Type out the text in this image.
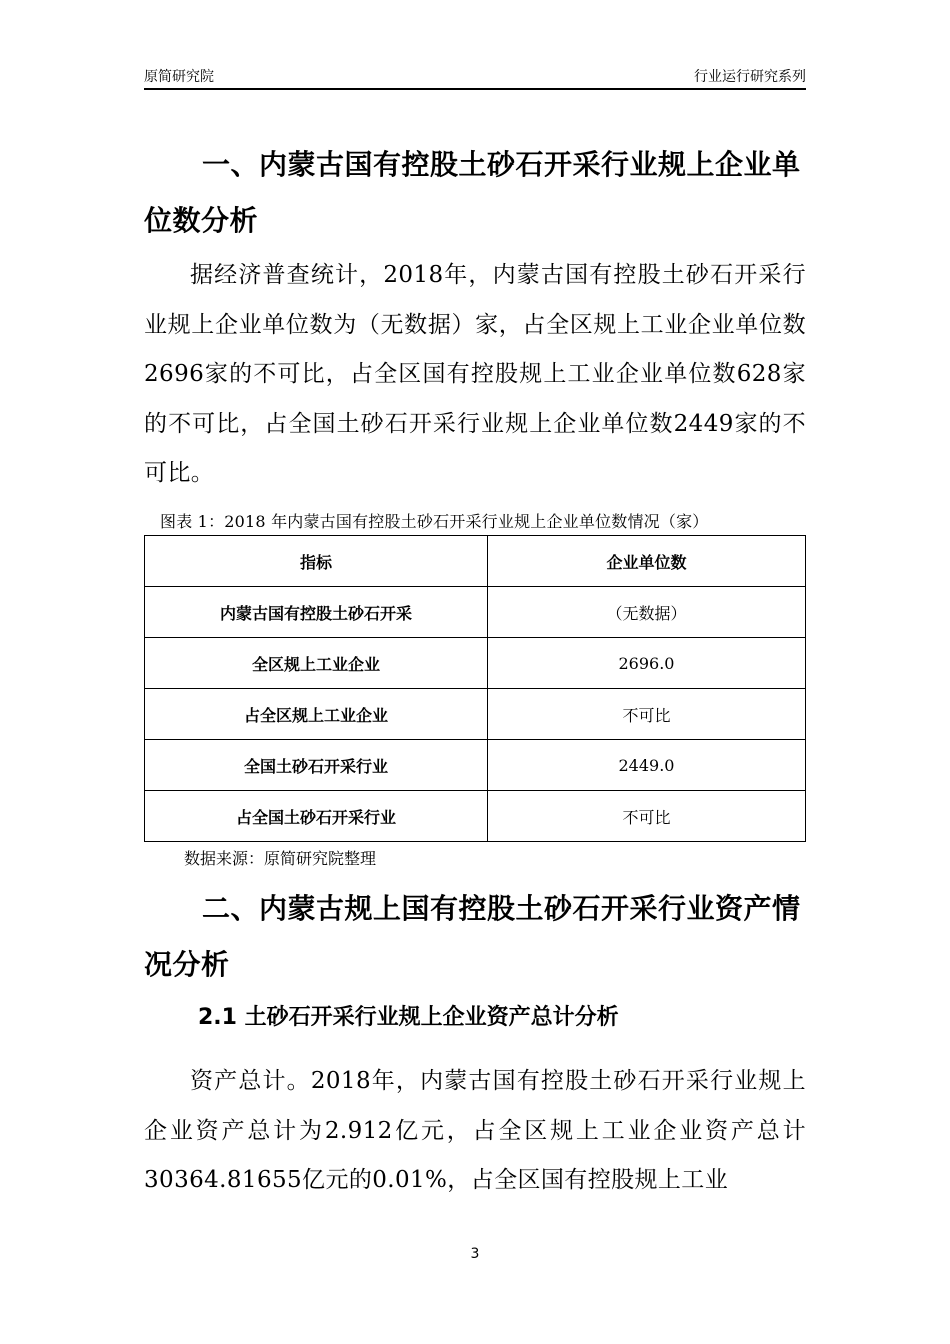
原简研究院	行业运行研究系列
一、内蒙古国有控股土砂石开采行业规上企业单位数分析
据经济普查统计，2018年，内蒙古国有控股土砂石开采行业规上企业单位数为（无数据）家，占全区规上工业企业单位数2696家的不可比，占全区国有控股规上工业企业单位数628家的不可比，占全国土砂石开采行业规上企业单位数2449家的不可比。
图表 1：2018 年内蒙古国有控股土砂石开采行业规上企业单位数情况（家）
指标	企业单位数
内蒙古国有控股土砂石开采	（无数据）
全区规上工业企业	2696.0
占全区规上工业企业	不可比
全国土砂石开采行业	2449.0
占全国土砂石开采行业	不可比
数据来源：原简研究院整理
二、内蒙古规上国有控股土砂石开采行业资产情况分析
2.1 土砂石开采行业规上企业资产总计分析
资产总计。2018年，内蒙古国有控股土砂石开采行业规上企业资产总计为2.912亿元，占全区规上工业企业资产总计30364.81655亿元的0.01%，占全区国有控股规上工业
3
